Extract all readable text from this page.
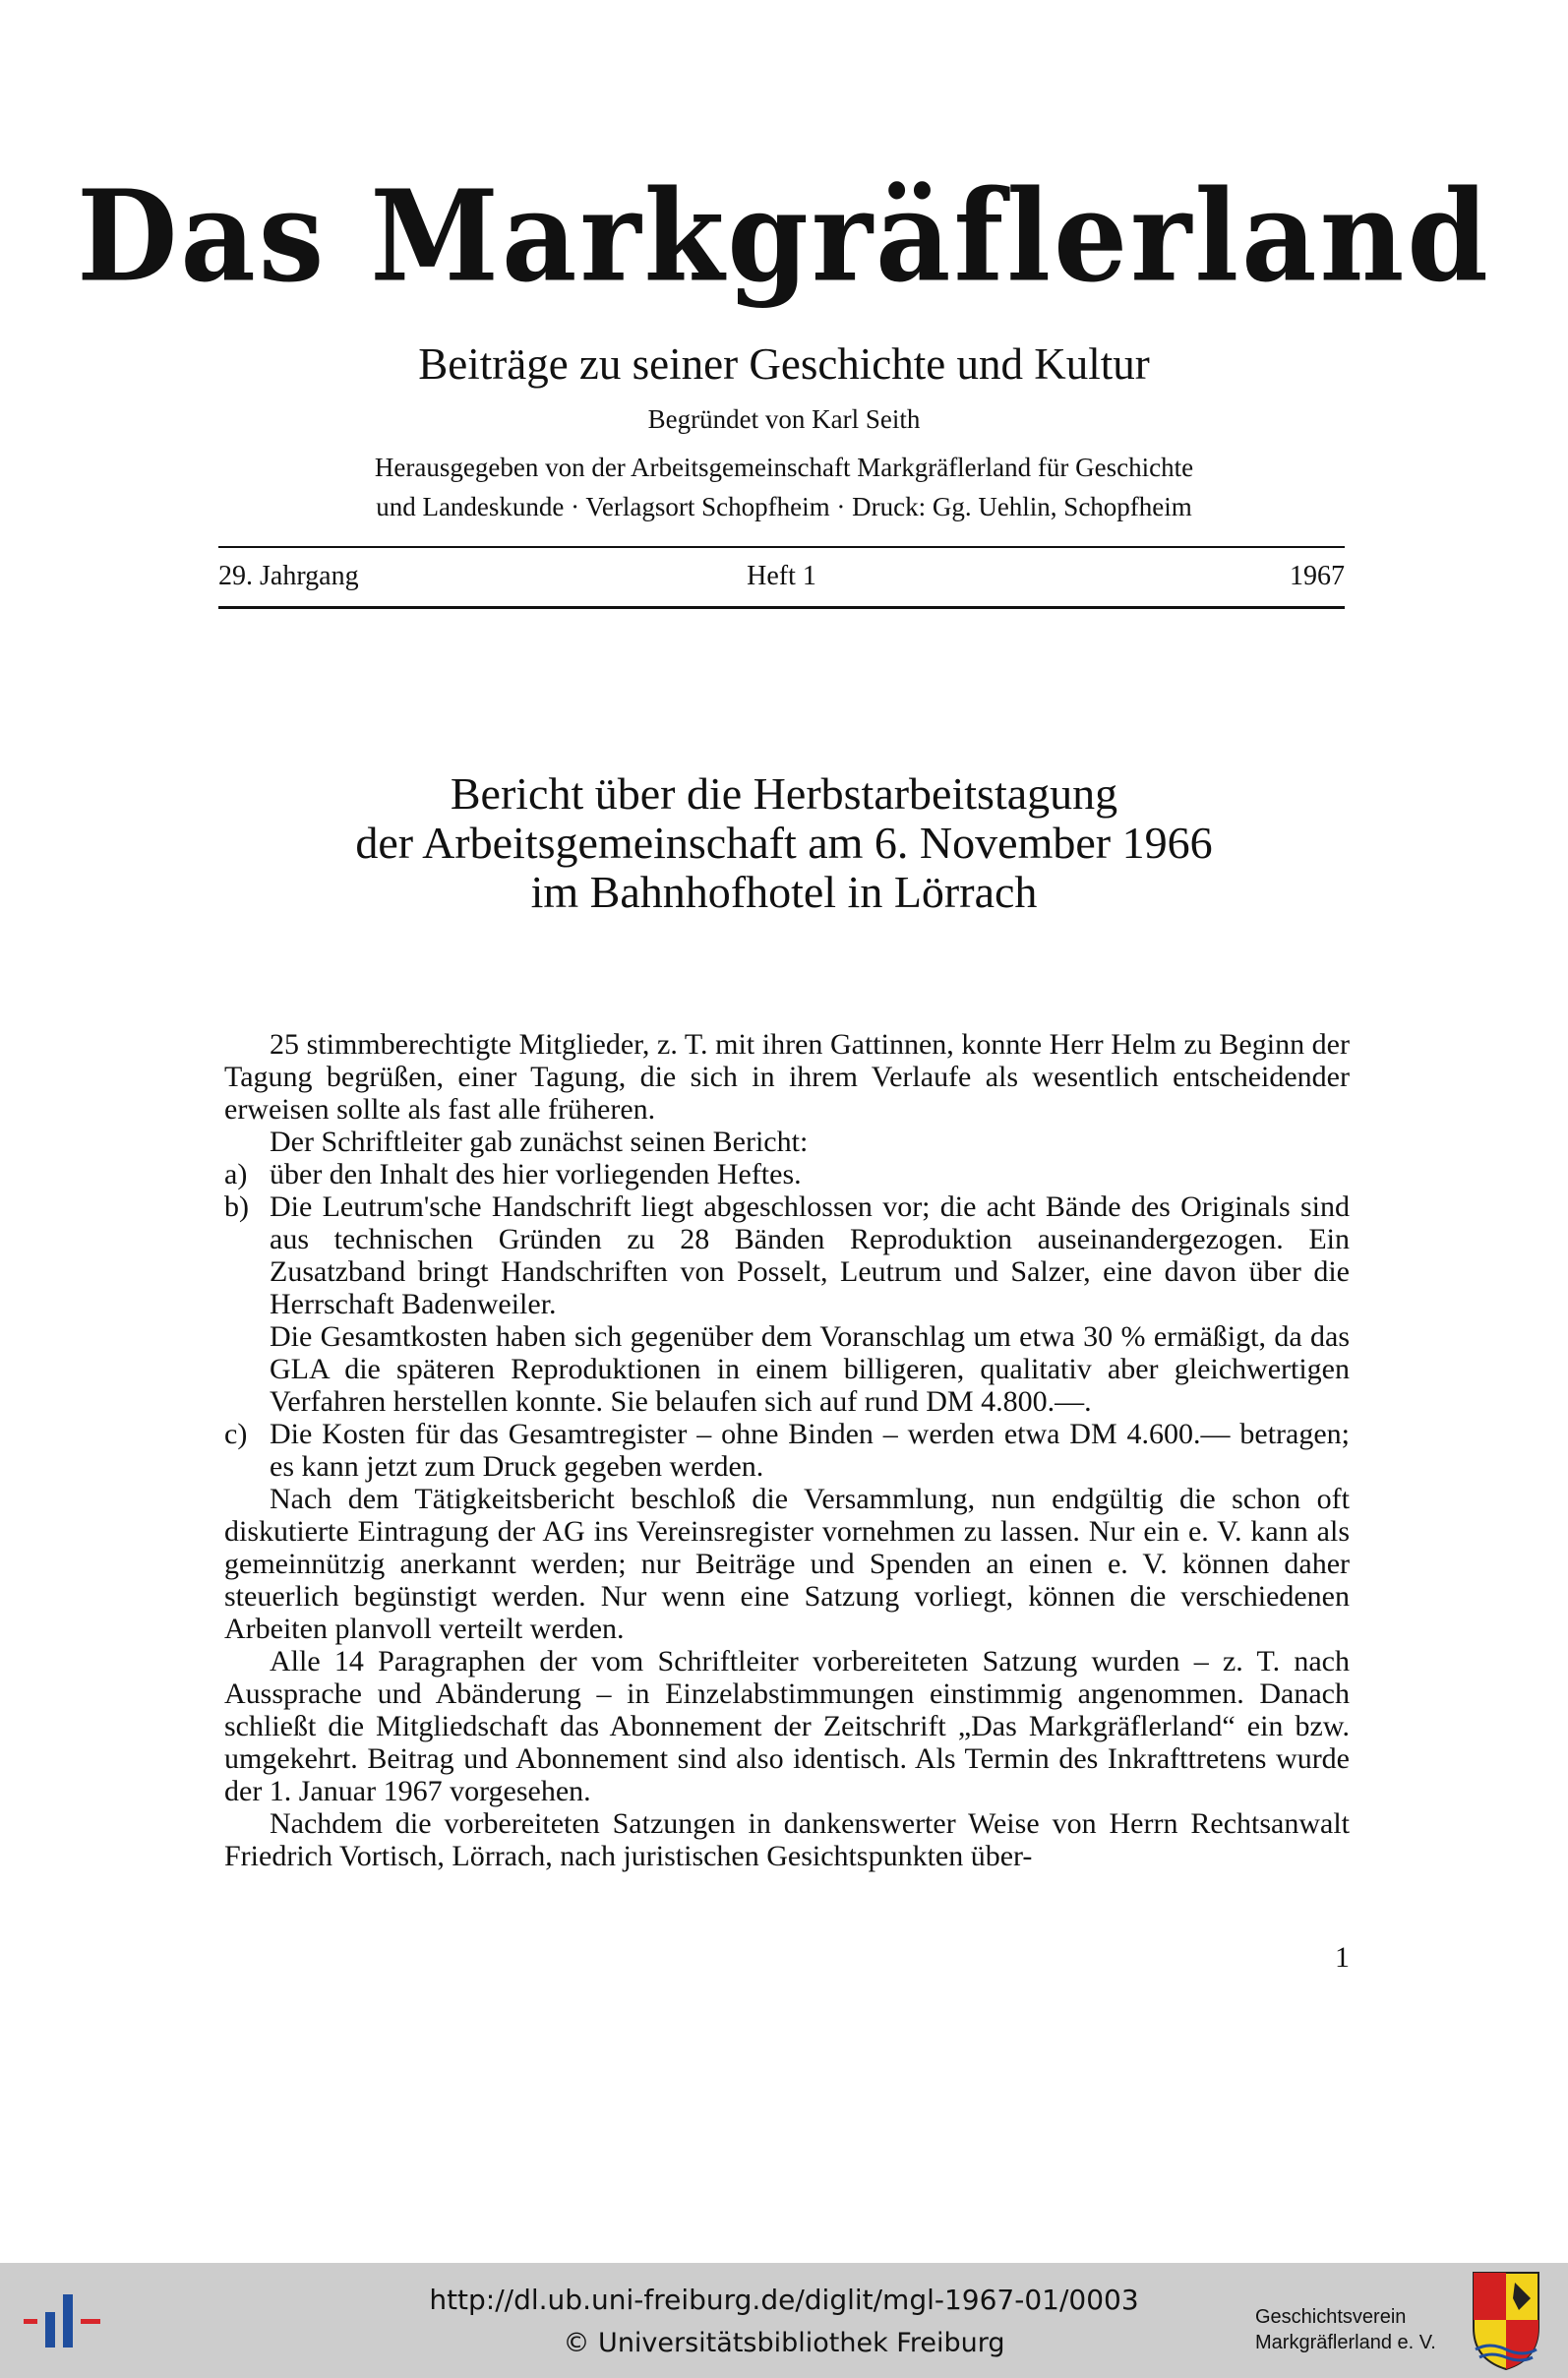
Das Markgräflerland
Beiträge zu seiner Geschichte und Kultur
Begründet von Karl Seith
Herausgegeben von der Arbeitsgemeinschaft Markgräflerland für Geschichte
und Landeskunde · Verlagsort Schopfheim · Druck: Gg. Uehlin, Schopfheim
29. Jahrgang	Heft 1	1967
Bericht über die Herbstarbeitstagung
der Arbeitsgemeinschaft am 6. November 1966
im Bahnhofhotel in Lörrach

25 stimmberechtigte Mitglieder, z. T. mit ihren Gattinnen, konnte Herr Helm zu Beginn der Tagung begrüßen, einer Tagung, die sich in ihrem Verlaufe als wesentlich entscheidender erweisen sollte als fast alle früheren.

Der Schriftleiter gab zunächst seinen Bericht:

a) über den Inhalt des hier vorliegenden Heftes.
b) Die Leutrum'sche Handschrift liegt abgeschlossen vor; die acht Bände des Originals sind aus technischen Gründen zu 28 Bänden Reproduktion auseinandergezogen. Ein Zusatzband bringt Handschriften von Posselt, Leutrum und Salzer, eine davon über die Herrschaft Badenweiler.

Die Gesamtkosten haben sich gegenüber dem Voranschlag um etwa 30 % ermäßigt, da das GLA die späteren Reproduktionen in einem billigeren, qualitativ aber gleichwertigen Verfahren herstellen konnte. Sie belaufen sich auf rund DM 4.800.—.

c) Die Kosten für das Gesamtregister – ohne Binden – werden etwa DM 4.600.— betragen; es kann jetzt zum Druck gegeben werden.

Nach dem Tätigkeitsbericht beschloß die Versammlung, nun endgültig die schon oft diskutierte Eintragung der AG ins Vereinsregister vornehmen zu lassen. Nur ein e. V. kann als gemeinnützig anerkannt werden; nur Beiträge und Spenden an einen e. V. können daher steuerlich begünstigt werden. Nur wenn eine Satzung vorliegt, können die verschiedenen Arbeiten planvoll verteilt werden.

Alle 14 Paragraphen der vom Schriftleiter vorbereiteten Satzung wurden – z. T. nach Aussprache und Abänderung – in Einzelabstimmungen einstimmig angenommen. Danach schließt die Mitgliedschaft das Abonnement der Zeitschrift „Das Markgräflerland“ ein bzw. umgekehrt. Beitrag und Abonnement sind also identisch. Als Termin des Inkrafttretens wurde der 1. Januar 1967 vorgesehen.

Nachdem die vorbereiteten Satzungen in dankenswerter Weise von Herrn Rechtsanwalt Friedrich Vortisch, Lörrach, nach juristischen Gesichtspunkten über-

1
http://dl.ub.uni-freiburg.de/diglit/mgl-1967-01/0003
© Universitätsbibliothek Freiburg
Geschichtsverein
Markgräflerland e. V.
